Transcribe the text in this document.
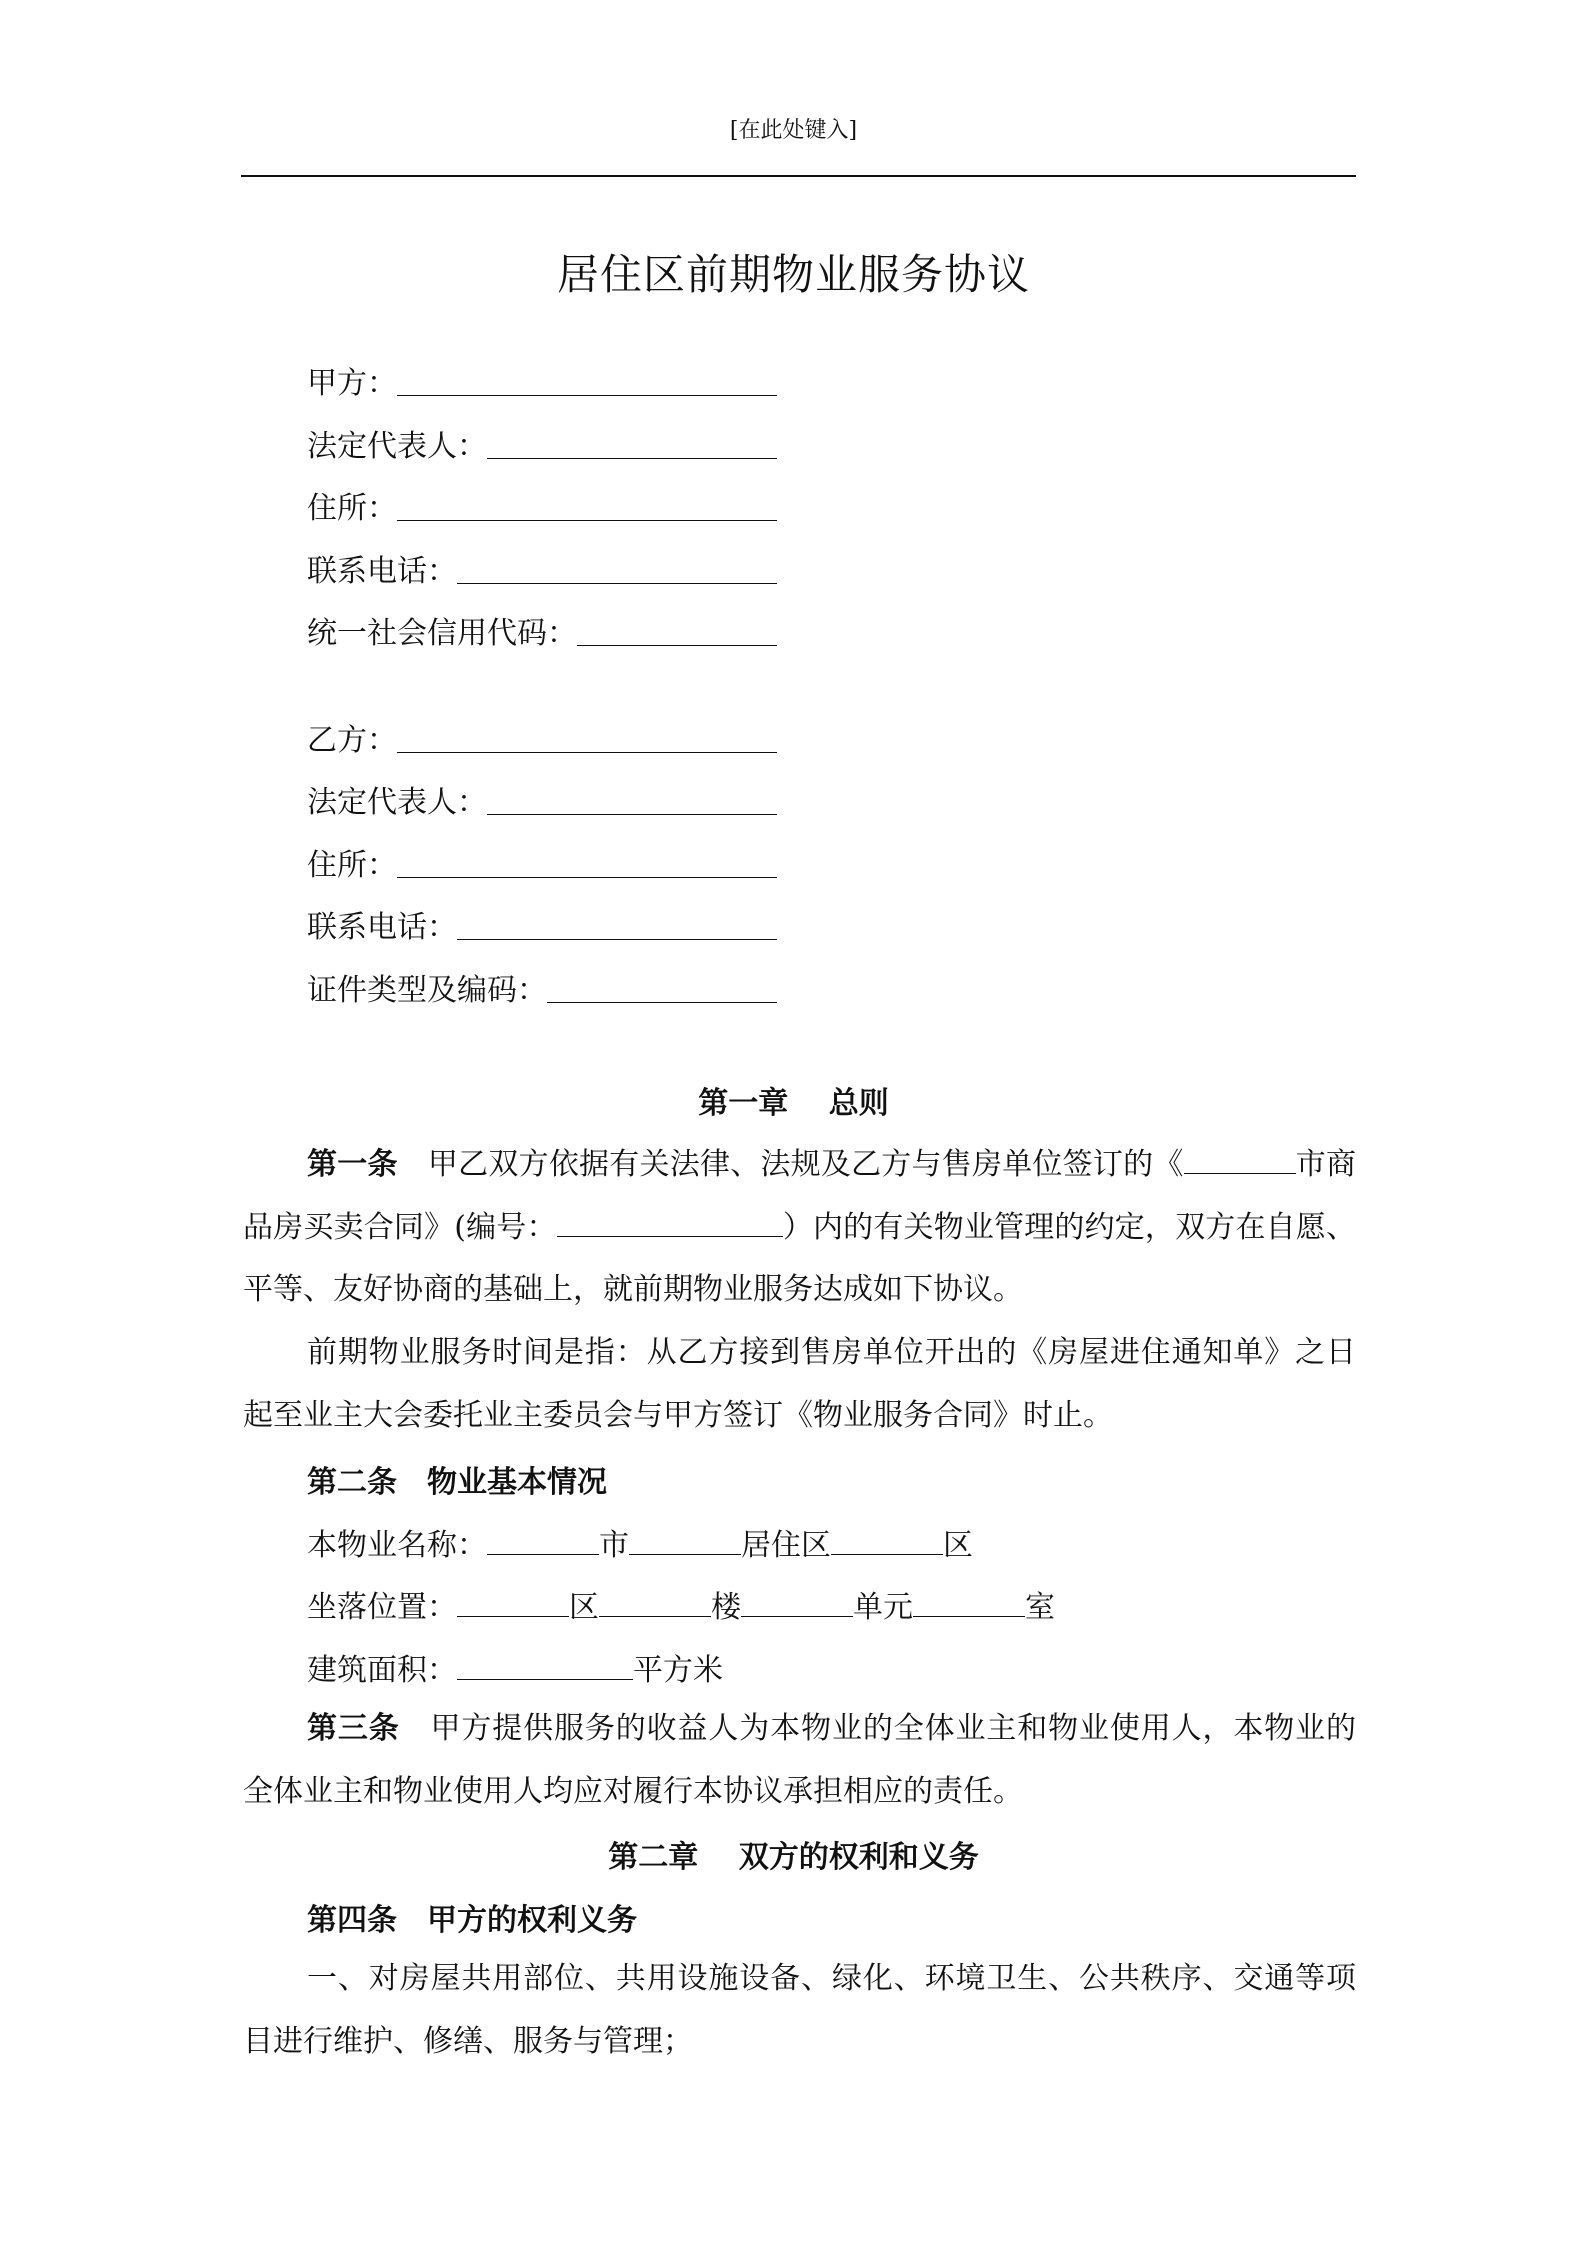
[在此处键入]
居住区前期物业服务协议
甲方：
法定代表人：
住所：
联系电话：
统一社会信用代码：
乙方：
法定代表人：
住所：
联系电话：
证件类型及编码：
第一章　 总则
第一条  甲乙双方依据有关法律、法规及乙方与售房单位签订的《	市商品房买卖合同》(编号：	）内的有关物业管理的约定，双方在自愿、平等、友好协商的基础上，就前期物业服务达成如下协议。
前期物业服务时间是指：从乙方接到售房单位开出的《房屋进住通知单》之日起至业主大会委托业主委员会与甲方签订《物业服务合同》时止。
第二条  物业基本情况
本物业名称：	市	居住区	区
坐落位置：	区	楼	单元	室
建筑面积：	平方米
第三条  甲方提供服务的收益人为本物业的全体业主和物业使用人，本物业的全体业主和物业使用人均应对履行本协议承担相应的责任。
第二章　 双方的权利和义务
第四条  甲方的权利义务
一、对房屋共用部位、共用设施设备、绿化、环境卫生、公共秩序、交通等项目进行维护、修缮、服务与管理；
